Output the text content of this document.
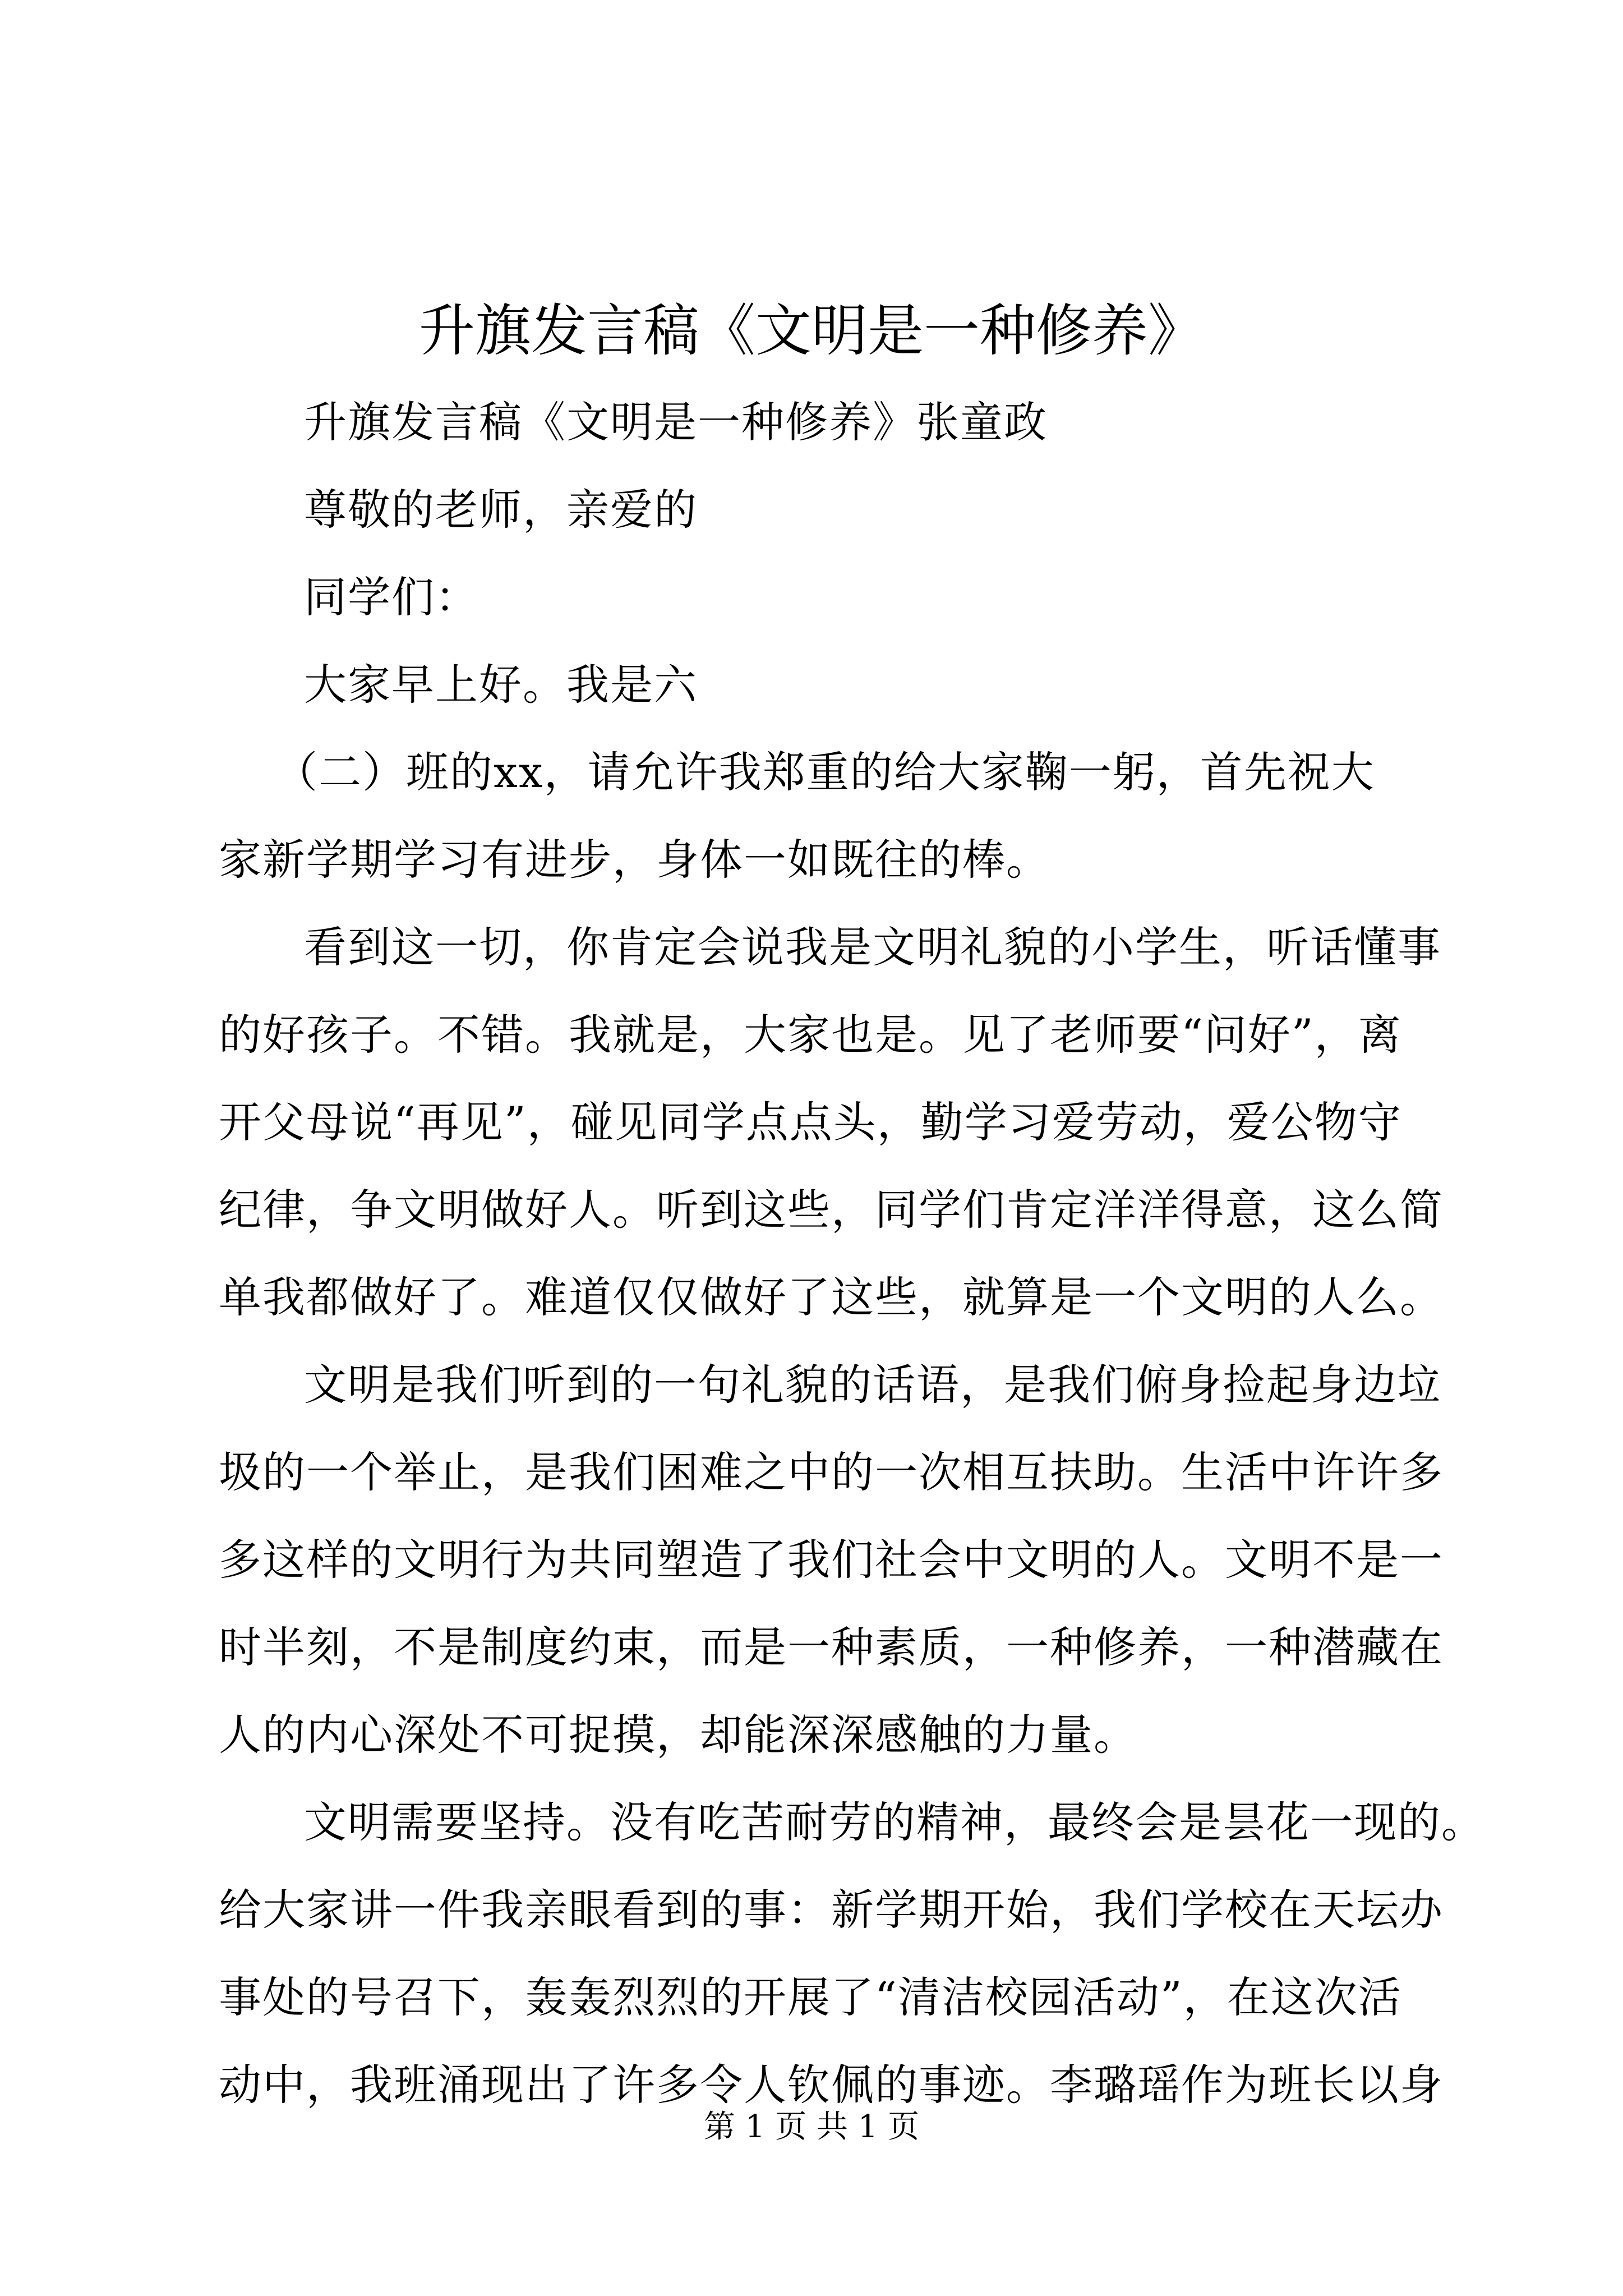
升旗发言稿《文明是一种修养》
升旗发言稿《文明是一种修养》张童政
尊敬的老师，亲爱的
同学们：
大家早上好。我是六
（二）班的xx，请允许我郑重的给大家鞠一躬，首先祝大
家新学期学习有进步，身体一如既往的棒。
看到这一切，你肯定会说我是文明礼貌的小学生，听话懂事
的好孩子。不错。我就是，大家也是。见了老师要“问好”，离
开父母说“再见”，碰见同学点点头，勤学习爱劳动，爱公物守
纪律，争文明做好人。听到这些，同学们肯定洋洋得意，这么简
单我都做好了。难道仅仅做好了这些，就算是一个文明的人么。
文明是我们听到的一句礼貌的话语，是我们俯身捡起身边垃
圾的一个举止，是我们困难之中的一次相互扶助。生活中许许多
多这样的文明行为共同塑造了我们社会中文明的人。文明不是一
时半刻，不是制度约束，而是一种素质，一种修养，一种潜藏在
人的内心深处不可捉摸，却能深深感触的力量。
文明需要坚持。没有吃苦耐劳的精神，最终会是昙花一现的。
给大家讲一件我亲眼看到的事：新学期开始，我们学校在天坛办
事处的号召下，轰轰烈烈的开展了“清洁校园活动”，在这次活
动中，我班涌现出了许多令人钦佩的事迹。李璐瑶作为班长以身
第 1 页 共 1 页
